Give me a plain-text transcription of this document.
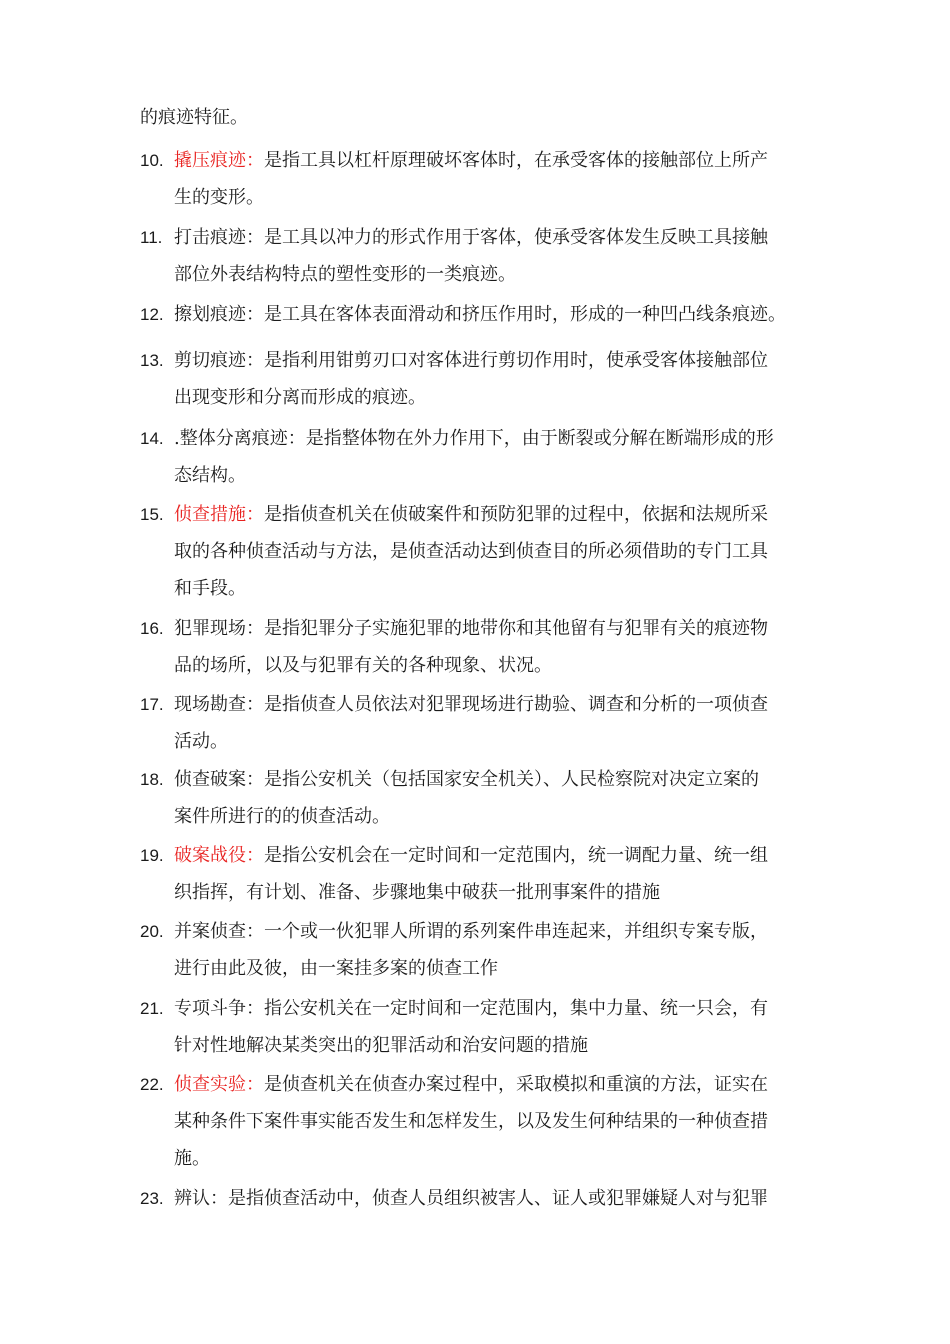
的痕迹特征。
10. 撬压痕迹：是指工具以杠杆原理破坏客体时，在承受客体的接触部位上所产
生的变形。
11. 打击痕迹：是工具以冲力的形式作用于客体，使承受客体发生反映工具接触
部位外表结构特点的塑性变形的一类痕迹。
12. 擦划痕迹：是工具在客体表面滑动和挤压作用时，形成的一种凹凸线条痕迹。
13. 剪切痕迹：是指利用钳剪刃口对客体进行剪切作用时，使承受客体接触部位
出现变形和分离而形成的痕迹。
14. .整体分离痕迹：是指整体物在外力作用下，由于断裂或分解在断端形成的形
态结构。
15. 侦查措施：是指侦查机关在侦破案件和预防犯罪的过程中，依据和法规所采
取的各种侦查活动与方法，是侦查活动达到侦查目的所必须借助的专门工具
和手段。
16. 犯罪现场：是指犯罪分子实施犯罪的地带你和其他留有与犯罪有关的痕迹物
品的场所，以及与犯罪有关的各种现象、状况。
17. 现场勘查：是指侦查人员依法对犯罪现场进行勘验、调查和分析的一项侦查
活动。
18. 侦查破案：是指公安机关（包括国家安全机关）、人民检察院对决定立案的
案件所进行的的侦查活动。
19. 破案战役：是指公安机会在一定时间和一定范围内，统一调配力量、统一组
织指挥，有计划、准备、步骤地集中破获一批刑事案件的措施
20. 并案侦查：一个或一伙犯罪人所谓的系列案件串连起来，并组织专案专版，
进行由此及彼，由一案挂多案的侦查工作
21. 专项斗争：指公安机关在一定时间和一定范围内，集中力量、统一只会，有
针对性地解决某类突出的犯罪活动和治安问题的措施
22. 侦查实验：是侦查机关在侦查办案过程中，采取模拟和重演的方法，证实在
某种条件下案件事实能否发生和怎样发生，以及发生何种结果的一种侦查措
施。
23. 辨认：是指侦查活动中，侦查人员组织被害人、证人或犯罪嫌疑人对与犯罪
